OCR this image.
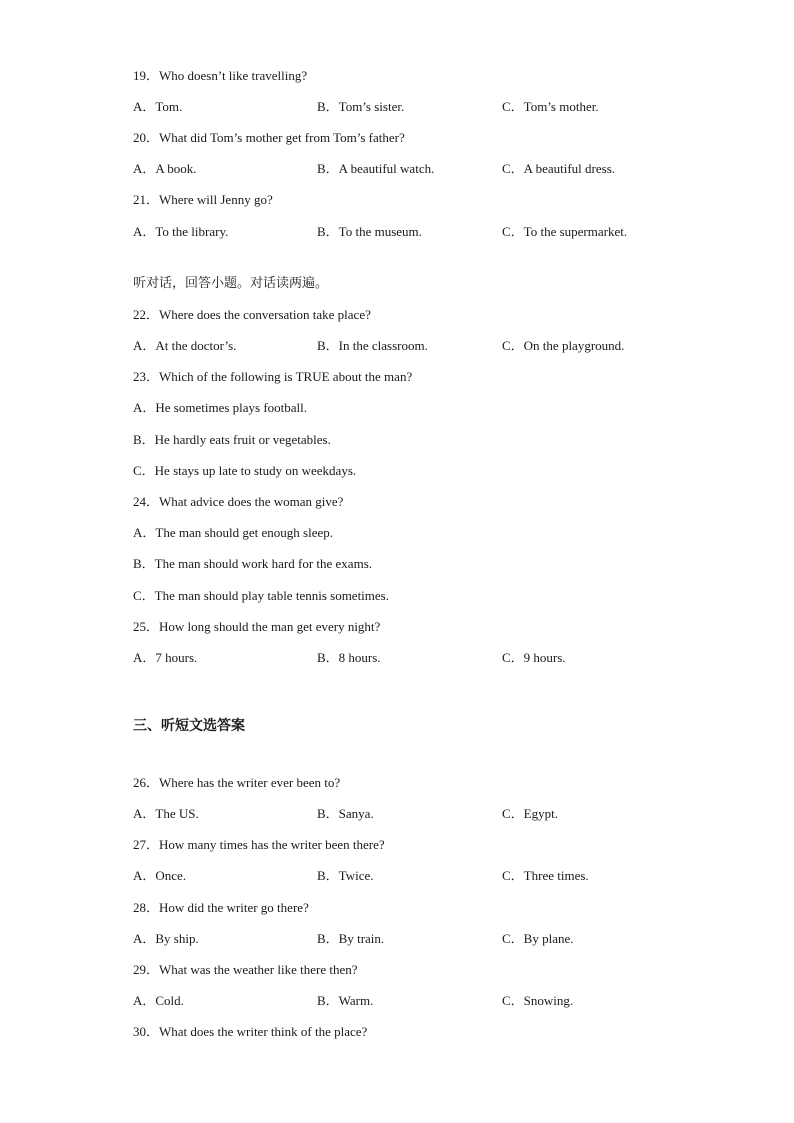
19．Who doesn’t like travelling?
A．Tom.	B．Tom’s sister.	C．Tom’s mother.
20．What did Tom’s mother get from Tom’s father?
A．A book.	B．A beautiful watch.	C．A beautiful dress.
21．Where will Jenny go?
A．To the library.	B．To the museum.	C．To the supermarket.
听对话，回答小题。对话读两遍。
22．Where does the conversation take place?
A．At the doctor’s.	B．In the classroom.	C．On the playground.
23．Which of the following is TRUE about the man?
A．He sometimes plays football.
B．He hardly eats fruit or vegetables.
C．He stays up late to study on weekdays.
24．What advice does the woman give?
A．The man should get enough sleep.
B．The man should work hard for the exams.
C．The man should play table tennis sometimes.
25．How long should the man get every night?
A．7 hours.	B．8 hours.	C．9 hours.
三、听短文选答案
26．Where has the writer ever been to?
A．The US.	B．Sanya.	C．Egypt.
27．How many times has the writer been there?
A．Once.	B．Twice.	C．Three times.
28．How did the writer go there?
A．By ship.	B．By train.	C．By plane.
29．What was the weather like there then?
A．Cold.	B．Warm.	C．Snowing.
30．What does the writer think of the place?
